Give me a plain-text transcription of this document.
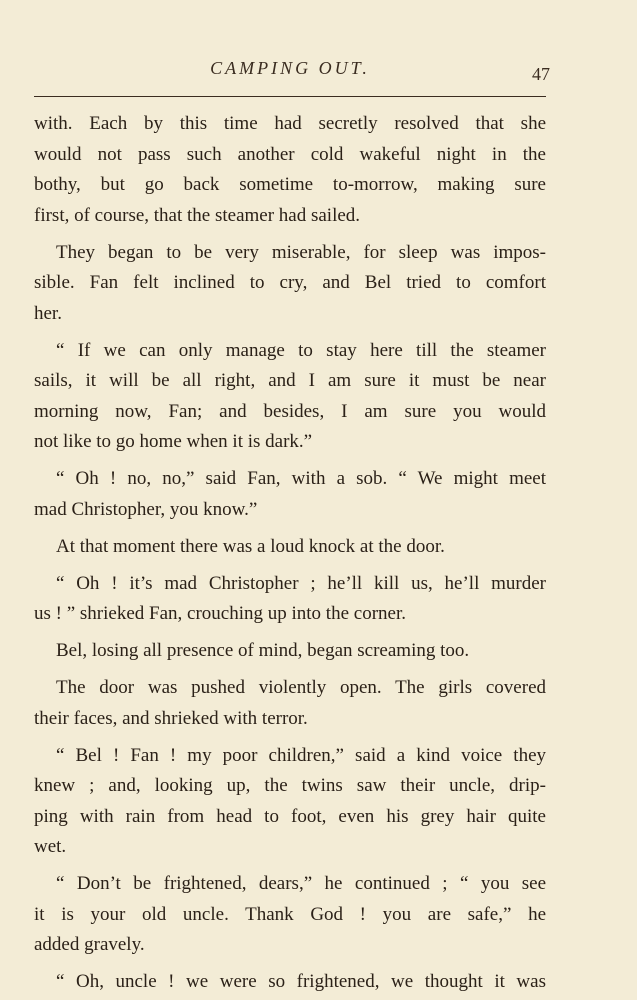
CAMPING OUT.	47
with. Each by this time had secretly resolved that she
would not pass such another cold wakeful night in the
bothy, but go back sometime to-morrow, making sure
first, of course, that the steamer had sailed.
They began to be very miserable, for sleep was impos-
sible. Fan felt inclined to cry, and Bel tried to comfort
her.
“ If we can only manage to stay here till the steamer
sails, it will be all right, and I am sure it must be near
morning now, Fan; and besides, I am sure you would
not like to go home when it is dark.”
“ Oh ! no, no,” said Fan, with a sob. “ We might meet
mad Christopher, you know.”
At that moment there was a loud knock at the door.
“ Oh ! it’s mad Christopher ; he’ll kill us, he’ll murder
us ! ” shrieked Fan, crouching up into the corner.
Bel, losing all presence of mind, began screaming too.
The door was pushed violently open. The girls covered
their faces, and shrieked with terror.
“ Bel ! Fan ! my poor children,” said a kind voice they
knew ; and, looking up, the twins saw their uncle, drip-
ping with rain from head to foot, even his grey hair quite
wet.
“ Don’t be frightened, dears,” he continued ; “ you see
it is your old uncle. Thank God ! you are safe,” he
added gravely.
“ Oh, uncle ! we were so frightened, we thought it was
